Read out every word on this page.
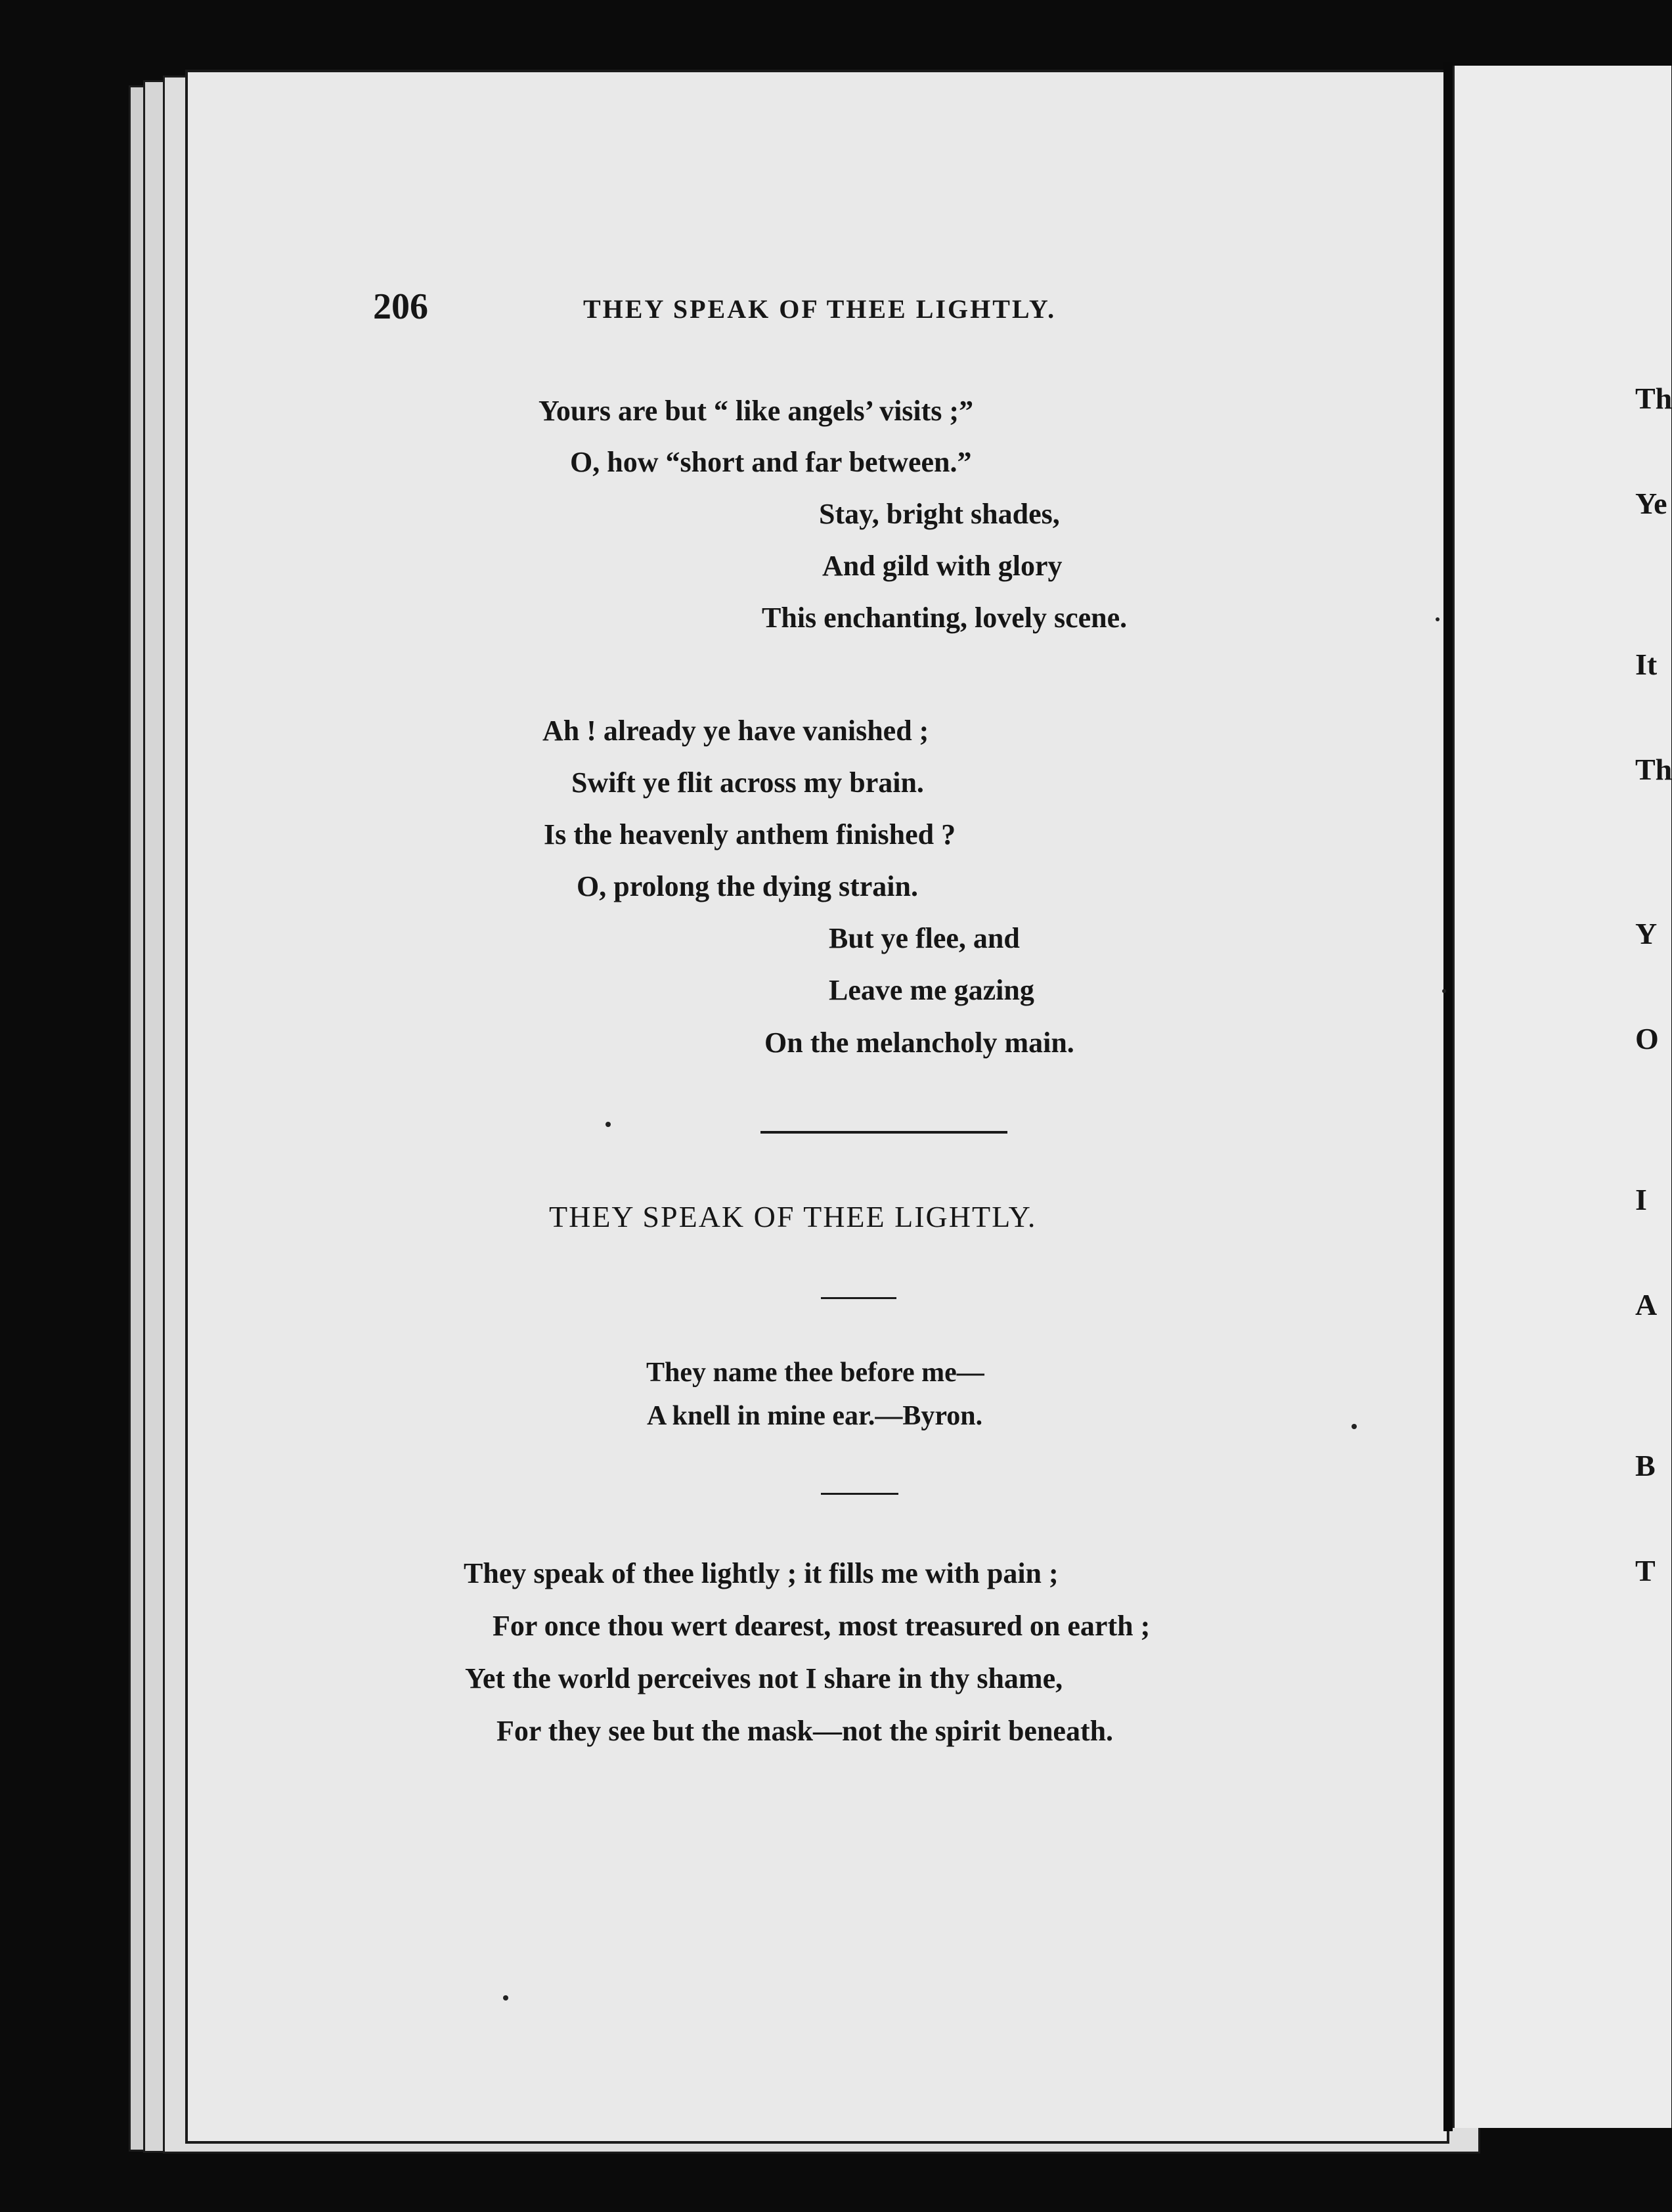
Th
Ye
It
Th
Y
O
I
A
B
T
206	THEY SPEAK OF THEE LIGHTLY.
Yours are but “ like angels’ visits ;”
O, how “short and far between.”
Stay, bright shades,
And gild with glory
This enchanting, lovely scene.
Ah ! already ye have vanished ;
Swift ye flit across my brain.
Is the heavenly anthem finished ?
O, prolong the dying strain.
But ye flee, and
Leave me gazing
On the melancholy main.
THEY SPEAK OF THEE LIGHTLY.
They name thee before me—
A knell in mine ear.—Byron.
They speak of thee lightly ; it fills me with pain ;
For once thou wert dearest, most treasured on earth ;
Yet the world perceives not I share in thy shame,
For they see but the mask—not the spirit beneath.
